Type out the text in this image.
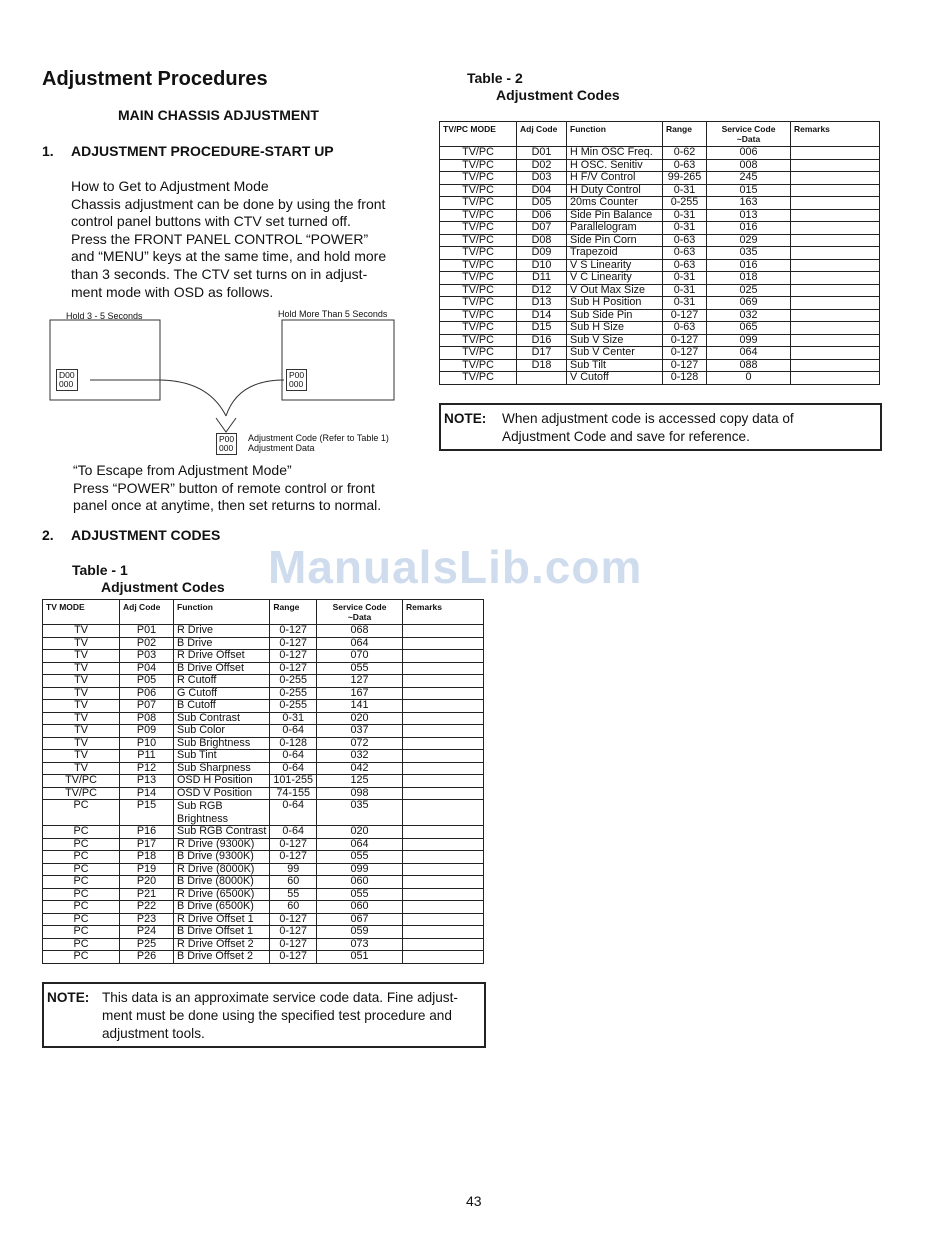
Adjustment Procedures
MAIN CHASSIS ADJUSTMENT
1. ADJUSTMENT PROCEDURE-START UP

How to Get to Adjustment Mode

Chassis adjustment can be done by using the front

control panel buttons with CTV set turned off.

Press the FRONT PANEL CONTROL “POWER”

and “MENU” keys at the same time, and hold more

than 3 seconds. The CTV set turns on in adjust-

ment mode with OSD as follows.

Hold 3 - 5 Seconds	Hold More Than 5 Seconds
D00
000
P00
000
P00
000
Adjustment Code (Refer to Table 1)
Adjustment Data

“To Escape from Adjustment Mode”

Press “POWER” button of remote control or front

panel once at anytime, then set returns to normal.

2. ADJUSTMENT CODES
ManualsLib.com
Table - 1
Adjustment Codes
TV MODE	Adj Code	Function	Range	Service Code ~Data	Remarks
TV	P01	R Drive	0-127	068	
TV	P02	B Drive	0-127	064	
TV	P03	R Drive Offset	0-127	070	
TV	P04	B Drive Offset	0-127	055	
TV	P05	R Cutoff	0-255	127	
TV	P06	G Cutoff	0-255	167	
TV	P07	B Cutoff	0-255	141	
TV	P08	Sub Contrast	0-31	020	
TV	P09	Sub Color	0-64	037	
TV	P10	Sub Brightness	0-128	072	
TV	P11	Sub Tint	0-64	032	
TV	P12	Sub Sharpness	0-64	042	
TV/PC	P13	OSD H Position	101-255	125	
TV/PC	P14	OSD V Position	74-155	098	
PC	P15	Sub RGB Brightness	0-64	035	
PC	P16	Sub RGB Contrast	0-64	020	
PC	P17	R Drive (9300K)	0-127	064	
PC	P18	B Drive (9300K)	0-127	055	
PC	P19	R Drive (8000K)	99	099	
PC	P20	B Drive (8000K)	60	060	
PC	P21	R Drive (6500K)	55	055	
PC	P22	B Drive (6500K)	60	060	
PC	P23	R Drive Offset 1	0-127	067	
PC	P24	B Drive Offset 1	0-127	059	
PC	P25	R Drive Offset 2	0-127	073	
PC	P26	B Drive Offset 2	0-127	051	
NOTE: This data is an approximate service code data. Fine adjust-
ment must be done using the specified test procedure and
adjustment tools.
Table - 2
Adjustment Codes
TV/PC MODE	Adj Code	Function	Range	Service Code ~Data	Remarks
TV/PC	D01	H Min OSC Freq.	0-62	006	
TV/PC	D02	H OSC. Senitiv	0-63	008	
TV/PC	D03	H F/V Control	99-265	245	
TV/PC	D04	H Duty Control	0-31	015	
TV/PC	D05	20ms Counter	0-255	163	
TV/PC	D06	Side Pin Balance	0-31	013	
TV/PC	D07	Parallelogram	0-31	016	
TV/PC	D08	Side Pin Corn	0-63	029	
TV/PC	D09	Trapezoid	0-63	035	
TV/PC	D10	V S Linearity	0-63	016	
TV/PC	D11	V C Linearity	0-31	018	
TV/PC	D12	V Out Max Size	0-31	025	
TV/PC	D13	Sub H Position	0-31	069	
TV/PC	D14	Sub Side Pin	0-127	032	
TV/PC	D15	Sub H Size	0-63	065	
TV/PC	D16	Sub V Size	0-127	099	
TV/PC	D17	Sub V Center	0-127	064	
TV/PC	D18	Sub Tilt	0-127	088	
TV/PC		V Cutoff	0-128	0	
NOTE: When adjustment code is accessed copy data of
Adjustment Code and save for reference.
43
